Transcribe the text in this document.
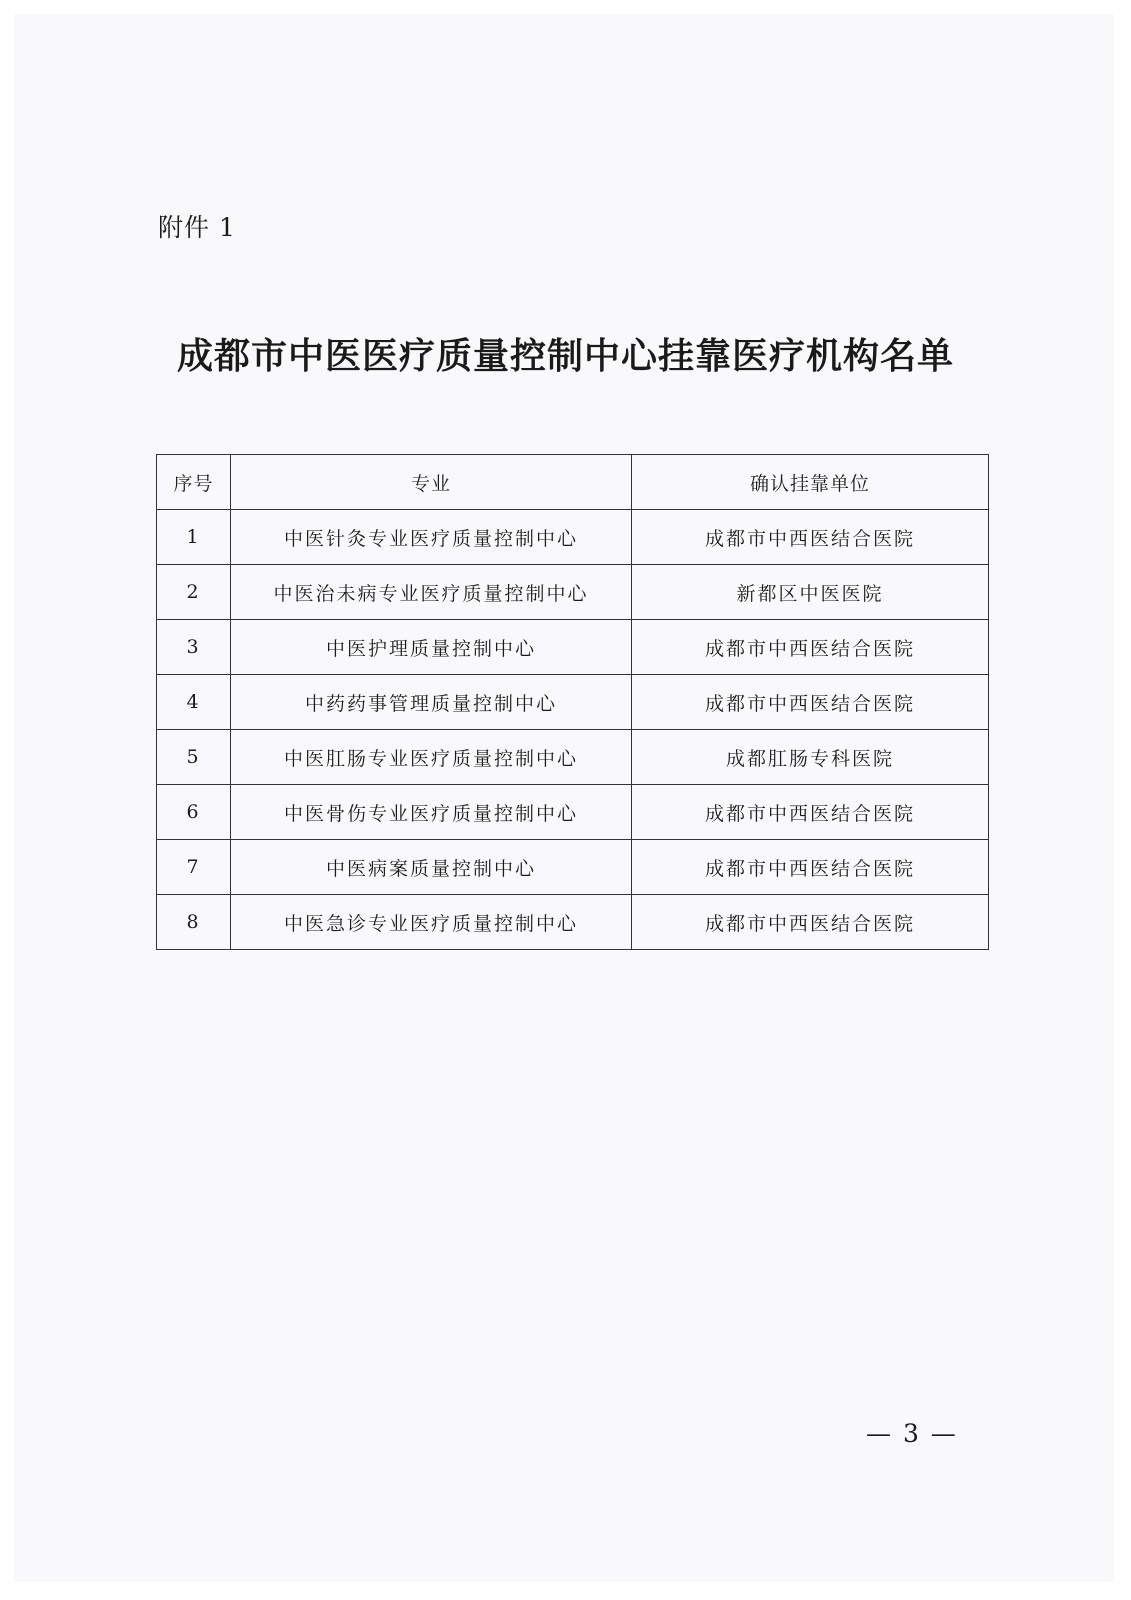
附件 1
成都市中医医疗质量控制中心挂靠医疗机构名单
序号	专业	确认挂靠单位
1	中医针灸专业医疗质量控制中心	成都市中西医结合医院
2	中医治未病专业医疗质量控制中心	新都区中医医院
3	中医护理质量控制中心	成都市中西医结合医院
4	中药药事管理质量控制中心	成都市中西医结合医院
5	中医肛肠专业医疗质量控制中心	成都肛肠专科医院
6	中医骨伤专业医疗质量控制中心	成都市中西医结合医院
7	中医病案质量控制中心	成都市中西医结合医院
8	中医急诊专业医疗质量控制中心	成都市中西医结合医院
— 3 —
